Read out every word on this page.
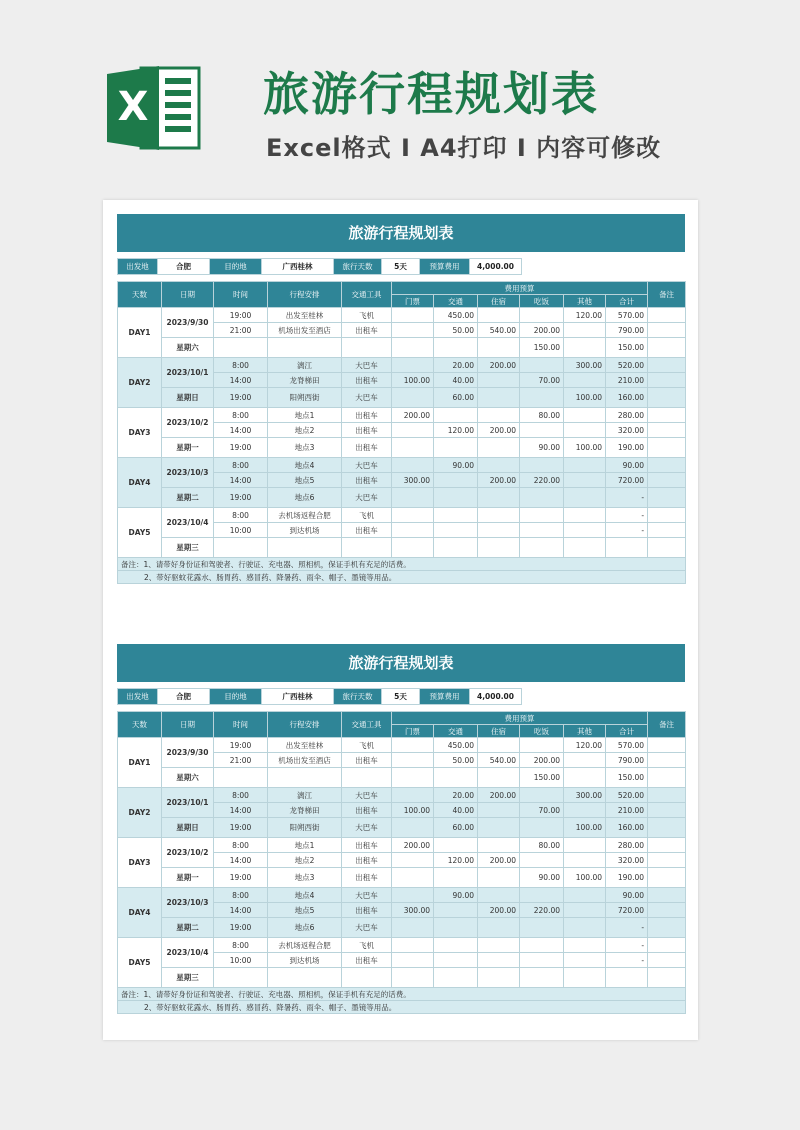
X 旅游行程规划表
Excel格式 I A4打印 I 内容可修改
旅游行程规划表
出发地	合肥	目的地	广西桂林	旅行天数	5天	预算费用	4,000.00	
天数	日期	时间	行程安排	交通工具	费用预算						备注
					门票	交通	住宿	吃饭	其他	合计	
DAY1	2023/9/30	19:00	出发至桂林	飞机		450.00			120.00	570.00	
		21:00	机场出发至酒店	出租车		50.00	540.00	200.00		790.00	
	星期六							150.00		150.00	
DAY2	2023/10/1	8:00	漓江	大巴车		20.00	200.00		300.00	520.00	
		14:00	龙脊梯田	出租车	100.00	40.00		70.00		210.00	
	星期日	19:00	阳朔西街	大巴车		60.00			100.00	160.00	
DAY3	2023/10/2	8:00	地点1	出租车	200.00			80.00		280.00	
		14:00	地点2	出租车		120.00	200.00			320.00	
	星期一	19:00	地点3	出租车				90.00	100.00	190.00	
DAY4	2023/10/3	8:00	地点4	大巴车		90.00				90.00	
		14:00	地点5	出租车	300.00		200.00	220.00		720.00	
	星期二	19:00	地点6	大巴车						-	
DAY5	2023/10/4	8:00	去机场返程合肥	飞机						-	
		10:00	到达机场	出租车						-	
	星期三										
备注：1、请带好身份证和驾驶者、行驶证、充电器、照相机，保证手机有充足的话费。											
2、带好驱蚊花露水、肠胃药、感冒药、降暑药、雨伞、帽子、墨镜等用品。											
旅游行程规划表
出发地	合肥	目的地	广西桂林	旅行天数	5天	预算费用	4,000.00	
天数	日期	时间	行程安排	交通工具	费用预算						备注
					门票	交通	住宿	吃饭	其他	合计	
DAY1	2023/9/30	19:00	出发至桂林	飞机		450.00			120.00	570.00	
		21:00	机场出发至酒店	出租车		50.00	540.00	200.00		790.00	
	星期六							150.00		150.00	
DAY2	2023/10/1	8:00	漓江	大巴车		20.00	200.00		300.00	520.00	
		14:00	龙脊梯田	出租车	100.00	40.00		70.00		210.00	
	星期日	19:00	阳朔西街	大巴车		60.00			100.00	160.00	
DAY3	2023/10/2	8:00	地点1	出租车	200.00			80.00		280.00	
		14:00	地点2	出租车		120.00	200.00			320.00	
	星期一	19:00	地点3	出租车				90.00	100.00	190.00	
DAY4	2023/10/3	8:00	地点4	大巴车		90.00				90.00	
		14:00	地点5	出租车	300.00		200.00	220.00		720.00	
	星期二	19:00	地点6	大巴车						-	
DAY5	2023/10/4	8:00	去机场返程合肥	飞机						-	
		10:00	到达机场	出租车						-	
	星期三										
备注：1、请带好身份证和驾驶者、行驶证、充电器、照相机，保证手机有充足的话费。											
2、带好驱蚊花露水、肠胃药、感冒药、降暑药、雨伞、帽子、墨镜等用品。											
